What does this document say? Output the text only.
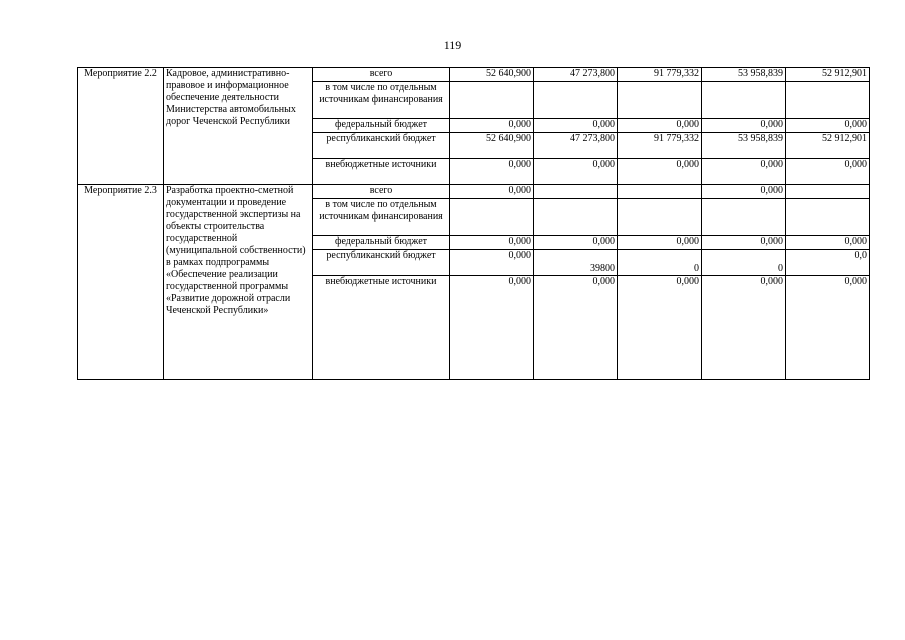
119
Мероприятие 2.2	Кадровое, административно-правовое и информационное обеспечение деятельности Министерства автомобильных дорог Чеченской Республики	всего	52 640,900	47 273,800	91 779,332	53 958,839	52 912,901
		в том числе по отдельным источникам финансирования					
		федеральный бюджет	0,000	0,000	0,000	0,000	0,000
		республиканский бюджет	52 640,900	47 273,800	91 779,332	53 958,839	52 912,901
		внебюджетные источники	0,000	0,000	0,000	0,000	0,000
Мероприятие 2.3	Разработка проектно-сметной документации и проведение государственной экспертизы на объекты строительства государственной (муниципальной собственности) в рамках подпрограммы «Обеспечение реализации государственной программы «Развитие дорожной отрасли Чеченской Республики»	всего	0,000			0,000	
		в том числе по отдельным источникам финансирования					
		федеральный бюджет	0,000	0,000	0,000	0,000	0,000
		республиканский бюджет	0,000	39800	0	0	0,0
		внебюджетные источники	0,000	0,000	0,000	0,000	0,000
